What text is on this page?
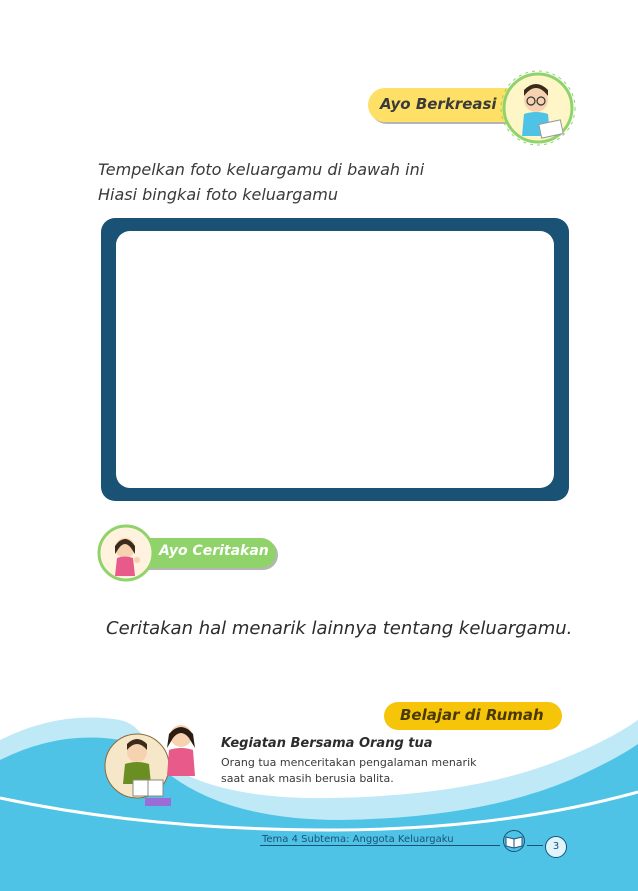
Ayo Berkreasi
Tempelkan foto keluargamu di bawah ini
Hiasi bingkai foto keluargamu
Ayo Ceritakan
Ceritakan hal menarik lainnya tentang keluargamu.
Belajar di Rumah
Kegiatan Bersama Orang tua
Orang tua menceritakan pengalaman menarik
saat anak masih berusia balita.
Tema 4 Subtema: Anggota Keluargaku
3
